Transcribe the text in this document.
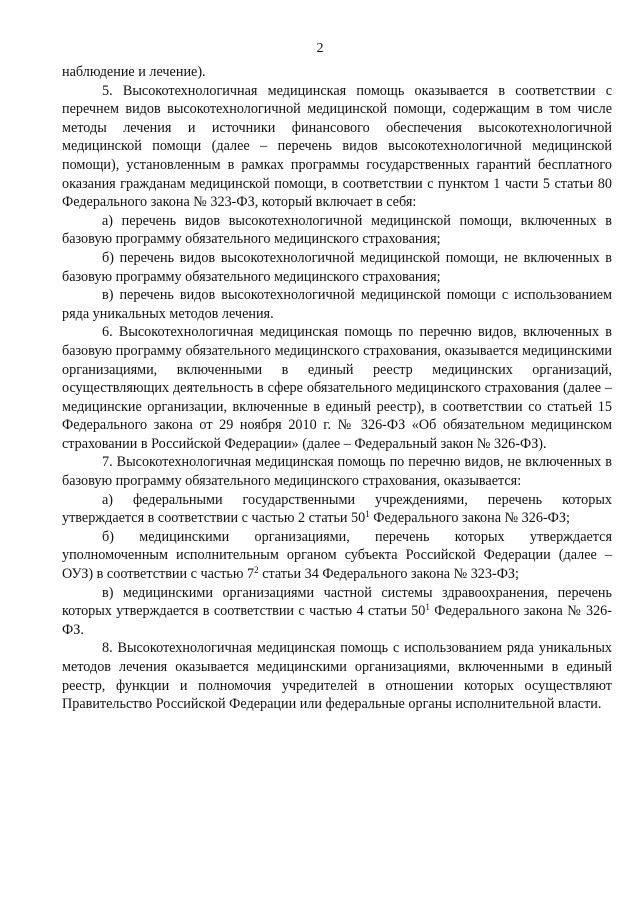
2

наблюдение и лечение).

5. Высокотехнологичная медицинская помощь оказывается в соответствии с перечнем видов высокотехнологичной медицинской помощи, содержащим в том числе методы лечения и источники финансового обеспечения высокотехнологичной медицинской помощи (далее – перечень видов высокотехнологичной медицинской помощи), установленным в рамках программы государственных гарантий бесплатного оказания гражданам медицинской помощи, в соответствии с пунктом 1 части 5 статьи 80 Федерального закона № 323-ФЗ, который включает в себя:

а) перечень видов высокотехнологичной медицинской помощи, включенных в базовую программу обязательного медицинского страхования;

б) перечень видов высокотехнологичной медицинской помощи, не включенных в базовую программу обязательного медицинского страхования;

в) перечень видов высокотехнологичной медицинской помощи с использованием ряда уникальных методов лечения.

6. Высокотехнологичная медицинская помощь по перечню видов, включенных в базовую программу обязательного медицинского страхования, оказывается медицинскими организациями, включенными в единый реестр медицинских организаций, осуществляющих деятельность в сфере обязательного медицинского страхования (далее – медицинские организации, включенные в единый реестр), в соответствии со статьей 15 Федерального закона от 29 ноября 2010 г. № 326-ФЗ «Об обязательном медицинском страховании в Российской Федерации» (далее – Федеральный закон № 326-ФЗ).

7. Высокотехнологичная медицинская помощь по перечню видов, не включенных в базовую программу обязательного медицинского страхования, оказывается:

а) федеральными государственными учреждениями, перечень которых утверждается в соответствии с частью 2 статьи $50^1$ Федерального закона № 326-ФЗ;

б) медицинскими организациями, перечень которых утверждается уполномоченным исполнительным органом субъекта Российской Федерации (далее – ОУЗ) в соответствии с частью $7^2$ статьи 34 Федерального закона № 323-ФЗ;

в) медицинскими организациями частной системы здравоохранения, перечень которых утверждается в соответствии с частью 4 статьи $50^1$ Федерального закона № 326-ФЗ.

8. Высокотехнологичная медицинская помощь с использованием ряда уникальных методов лечения оказывается медицинскими организациями, включенными в единый реестр, функции и полномочия учредителей в отношении которых осуществляют Правительство Российской Федерации или федеральные органы исполнительной власти.
